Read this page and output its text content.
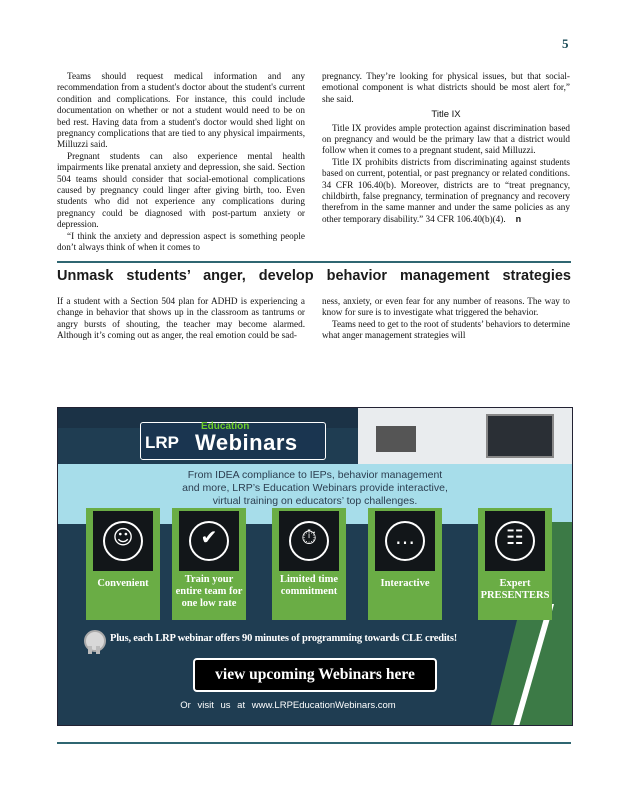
5

Teams should request medical information and any recommendation from a student's doctor about the student's current condition and complications. For instance, this could include documentation on whether or not a student would need to be on bed rest. Having data from a student's doctor would shed light on pregnancy complications that are tied to any physical impairments, Milluzzi said.

Pregnant students can also experience mental health impairments like prenatal anxiety and depression, she said. Section 504 teams should consider that social-emotional complications caused by pregnancy could linger after giving birth, too. Even students who did not experience any complications during pregnancy could be diagnosed with post-partum anxiety or depression.

“I think the anxiety and depression aspect is something people don’t always think of when it comes to

pregnancy. They’re looking for physical issues, but that social-emotional component is what districts should be most alert for,” she said.

Title IX

Title IX provides ample protection against discrimination based on pregnancy and would be the primary law that a district would follow when it comes to a pregnant student, said Milluzzi.

Title IX prohibits districts from discriminating against students based on current, potential, or past pregnancy or related conditions. 34 CFR 106.40(b). Moreover, districts are to “treat pregnancy, childbirth, false pregnancy, termination of pregnancy and recovery therefrom in the same manner and under the same policies as any other temporary disability.” 34 CFR 106.40(b)(4). n

Unmask students’ anger, develop behavior management strategies

If a student with a Section 504 plan for ADHD is experiencing a change in behavior that shows up in the classroom as tantrums or angry bursts of shouting, the teacher may become alarmed. Although it’s coming out as anger, the real emotion could be sad-

ness, anxiety, or even fear for any number of reasons. The way to know for sure is to investigate what triggered the behavior.

Teams need to get to the root of students’ behaviors to determine what anger management strategies will

Education
LRP Webinars
From IDEA compliance to IEPs, behavior management
and more, LRP’s Education Webinars provide interactive,
virtual training on educators’ top challenges.
☺
Convenient
✔
Train your entire team for one low rate
⏱
Limited time commitment
…
Interactive
☷
Expert PRESENTERS
Plus, each LRP webinar offers 90 minutes of programming towards CLE credits!
view upcoming Webinars here
Or visit us at www.LRPEducationWebinars.com
